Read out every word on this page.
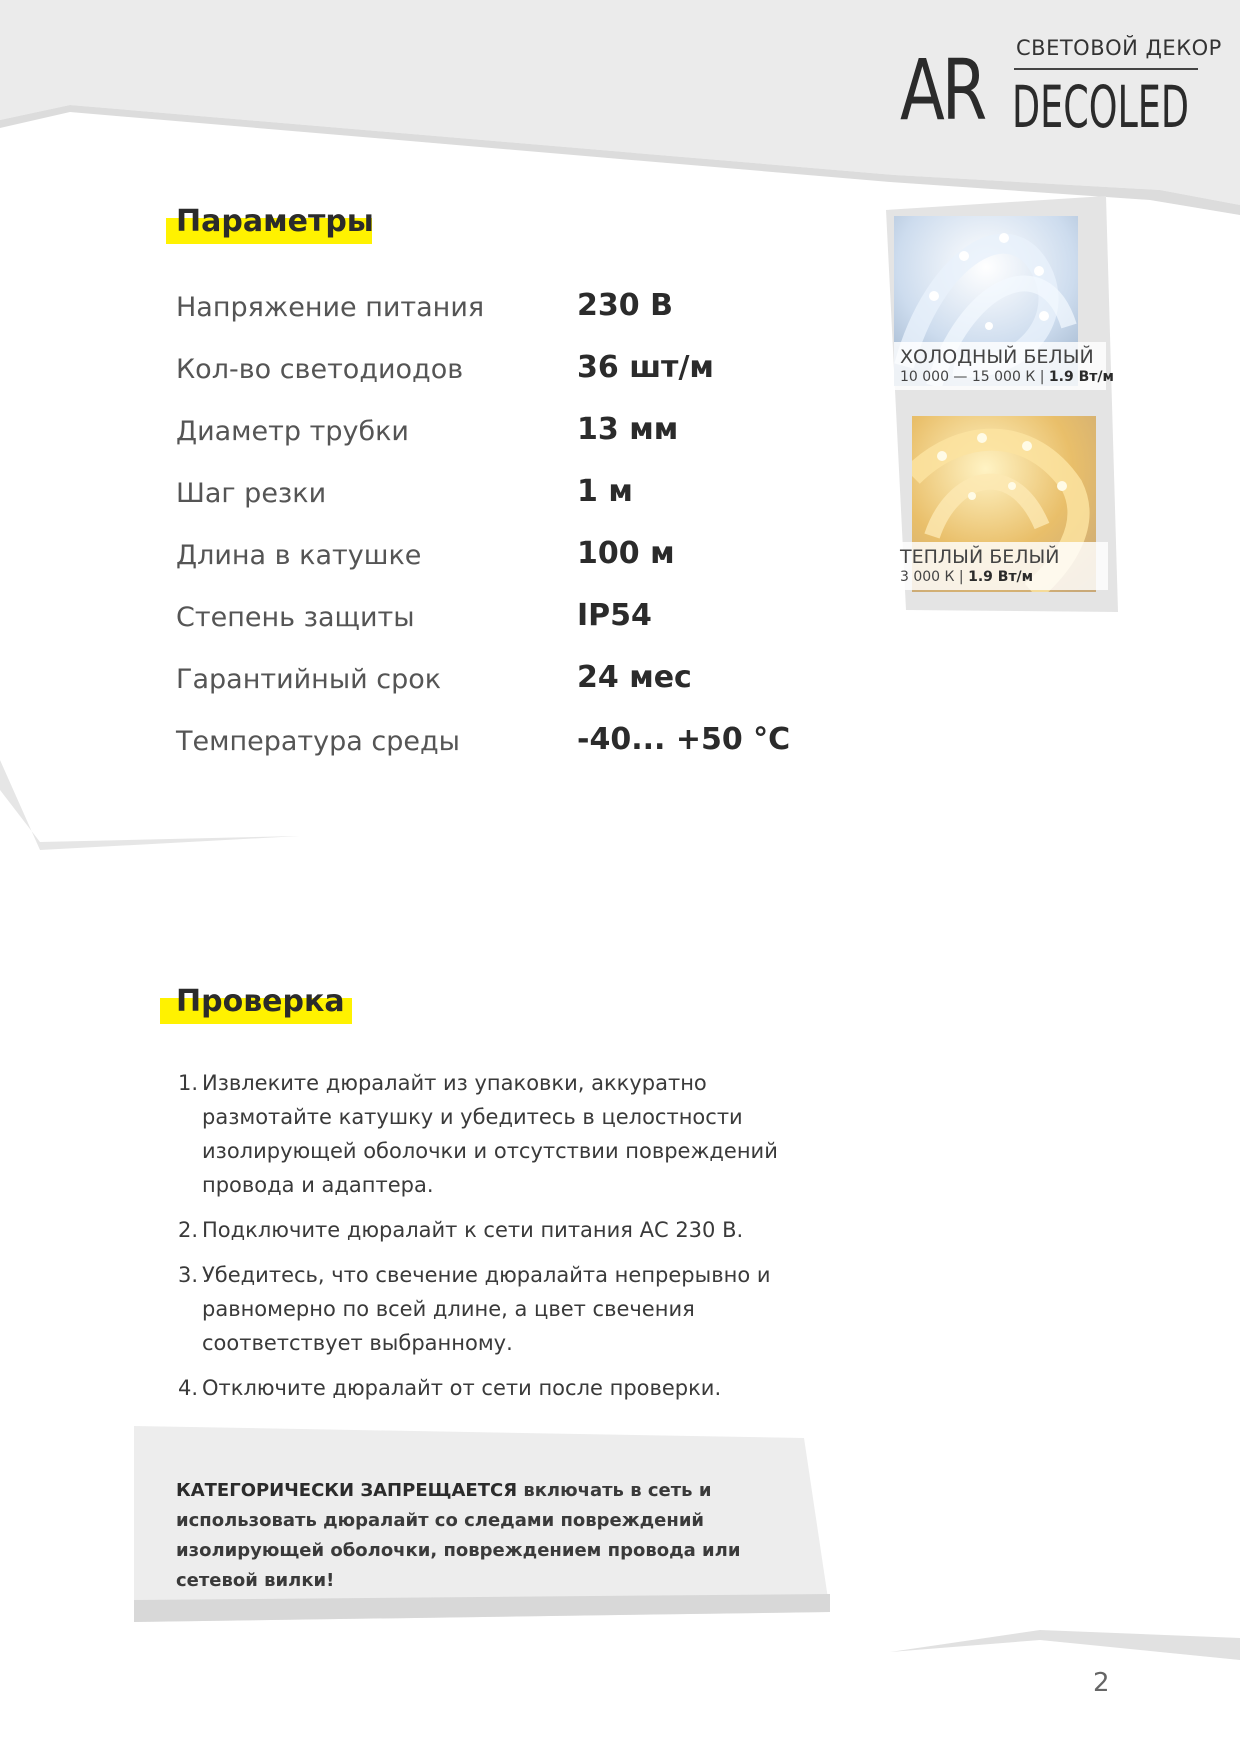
AR СВЕТОВОЙ ДЕКОР
DECOLED
Параметры
Напряжение питания	230 В
Кол-во светодиодов	36 шт/м
Диаметр трубки	13 мм
Шаг резки	1 м
Длина в катушке	100 м
Степень защиты	IP54
Гарантийный срок	24 мес
Температура среды	-40... +50 °С
ХОЛОДНЫЙ БЕЛЫЙ
10 000 — 15 000 К | 1.9 Вт/м
ТЕПЛЫЙ БЕЛЫЙ
3 000 К | 1.9 Вт/м
Проверка
1. Извлеките дюралайт из упаковки, аккуратно размотайте катушку и убедитесь в целостности изолирующей оболочки и отсутствии повреждений провода и адаптера.
2. Подключите дюралайт к сети питания АС 230 В.
3. Убедитесь, что свечение дюралайта непрерывно и равномерно по всей длине, а цвет свечения соответствует выбранному.
4. Отключите дюралайт от сети после проверки.
КАТЕГОРИЧЕСКИ ЗАПРЕЩАЕТСЯ включать в сеть и использовать дюралайт со следами повреждений изолирующей оболочки, повреждением провода или сетевой вилки!
2
